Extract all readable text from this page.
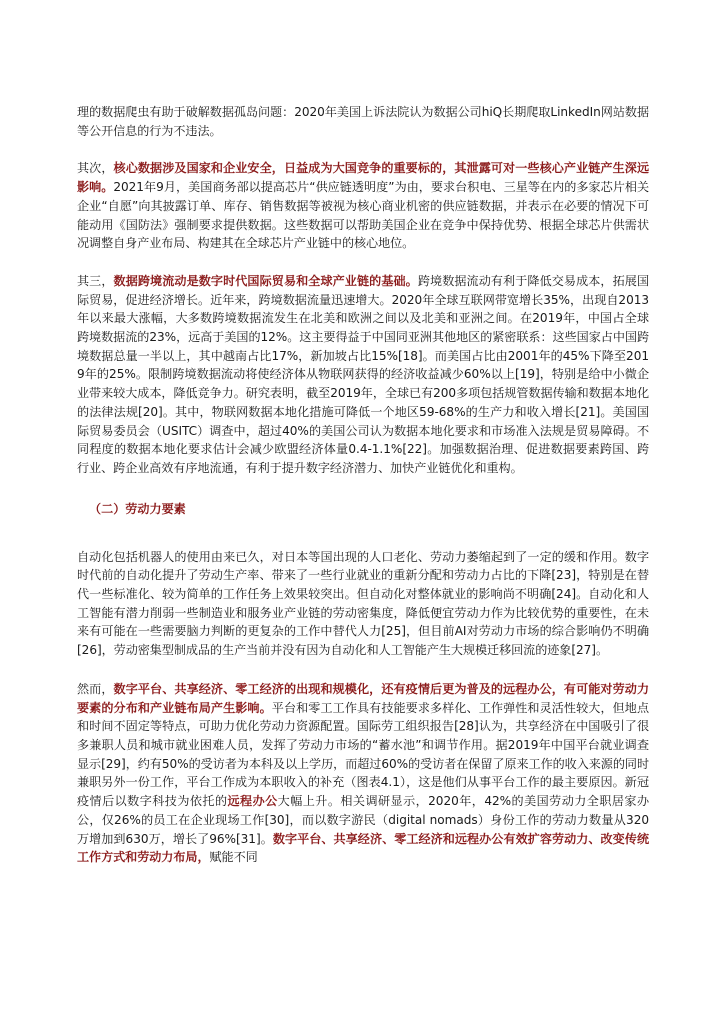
理的数据爬虫有助于破解数据孤岛问题：2020年美国上诉法院认为数据公司hiQ长期爬取LinkedIn网站数据等公开信息的行为不违法。

其次，核心数据涉及国家和企业安全，日益成为大国竞争的重要标的，其泄露可对一些核心产业链产生深远影响。2021年9月，美国商务部以提高芯片“供应链透明度”为由，要求台积电、三星等在内的多家芯片相关企业“自愿”向其披露订单、库存、销售数据等被视为核心商业机密的供应链数据，并表示在必要的情况下可能动用《国防法》强制要求提供数据。这些数据可以帮助美国企业在竞争中保持优势、根据全球芯片供需状况调整自身产业布局、构建其在全球芯片产业链中的核心地位。

其三，数据跨境流动是数字时代国际贸易和全球产业链的基础。跨境数据流动有利于降低交易成本，拓展国际贸易，促进经济增长。近年来，跨境数据流量迅速增大。2020年全球互联网带宽增长35%，出现自2013年以来最大涨幅，大多数跨境数据流发生在北美和欧洲之间以及北美和亚洲之间。在2019年，中国占全球跨境数据流的23%，远高于美国的12%。这主要得益于中国同亚洲其他地区的紧密联系：这些国家占中国跨境数据总量一半以上，其中越南占比17%，新加坡占比15%[18]。而美国占比由2001年的45%下降至2019年的25%。限制跨境数据流动将使经济体从物联网获得的经济收益减少60%以上[19]，特别是给中小微企业带来较大成本，降低竞争力。研究表明，截至2019年，全球已有200多项包括规管数据传输和数据本地化的法律法规[20]。其中，物联网数据本地化措施可降低一个地区59-68%的生产力和收入增长[21]。美国国际贸易委员会（USITC）调查中，超过40%的美国公司认为数据本地化要求和市场准入法规是贸易障碍。不同程度的数据本地化要求估计会减少欧盟经济体量0.4-1.1%[22]。加强数据治理、促进数据要素跨国、跨行业、跨企业高效有序地流通，有利于提升数字经济潜力、加快产业链优化和重构。

（二）劳动力要素

自动化包括机器人的使用由来已久，对日本等国出现的人口老化、劳动力萎缩起到了一定的缓和作用。数字时代前的自动化提升了劳动生产率、带来了一些行业就业的重新分配和劳动力占比的下降[23]，特别是在替代一些标准化、较为简单的工作任务上效果较突出。但自动化对整体就业的影响尚不明确[24]。自动化和人工智能有潜力削弱一些制造业和服务业产业链的劳动密集度，降低便宜劳动力作为比较优势的重要性，在未来有可能在一些需要脑力判断的更复杂的工作中替代人力[25]，但目前AI对劳动力市场的综合影响仍不明确[26]，劳动密集型制成品的生产当前并没有因为自动化和人工智能产生大规模迁移回流的迹象[27]。

然而，数字平台、共享经济、零工经济的出现和规模化，还有疫情后更为普及的远程办公，有可能对劳动力要素的分布和产业链布局产生影响。平台和零工工作具有技能要求多样化、工作弹性和灵活性较大，但地点和时间不固定等特点，可助力优化劳动力资源配置。国际劳工组织报告[28]认为，共享经济在中国吸引了很多兼职人员和城市就业困难人员，发挥了劳动力市场的“蓄水池”和调节作用。据2019年中国平台就业调查显示[29]，约有50%的受访者为本科及以上学历，而超过60%的受访者在保留了原来工作的收入来源的同时兼职另外一份工作，平台工作成为本职收入的补充（图表4.1），这是他们从事平台工作的最主要原因。新冠疫情后以数字科技为依托的远程办公大幅上升。相关调研显示，2020年，42%的美国劳动力全职居家办公，仅26%的员工在企业现场工作[30]，而以数字游民（digital nomads）身份工作的劳动力数量从320万增加到630万，增长了96%[31]。数字平台、共享经济、零工经济和远程办公有效扩容劳动力、改变传统工作方式和劳动力布局，赋能不同
